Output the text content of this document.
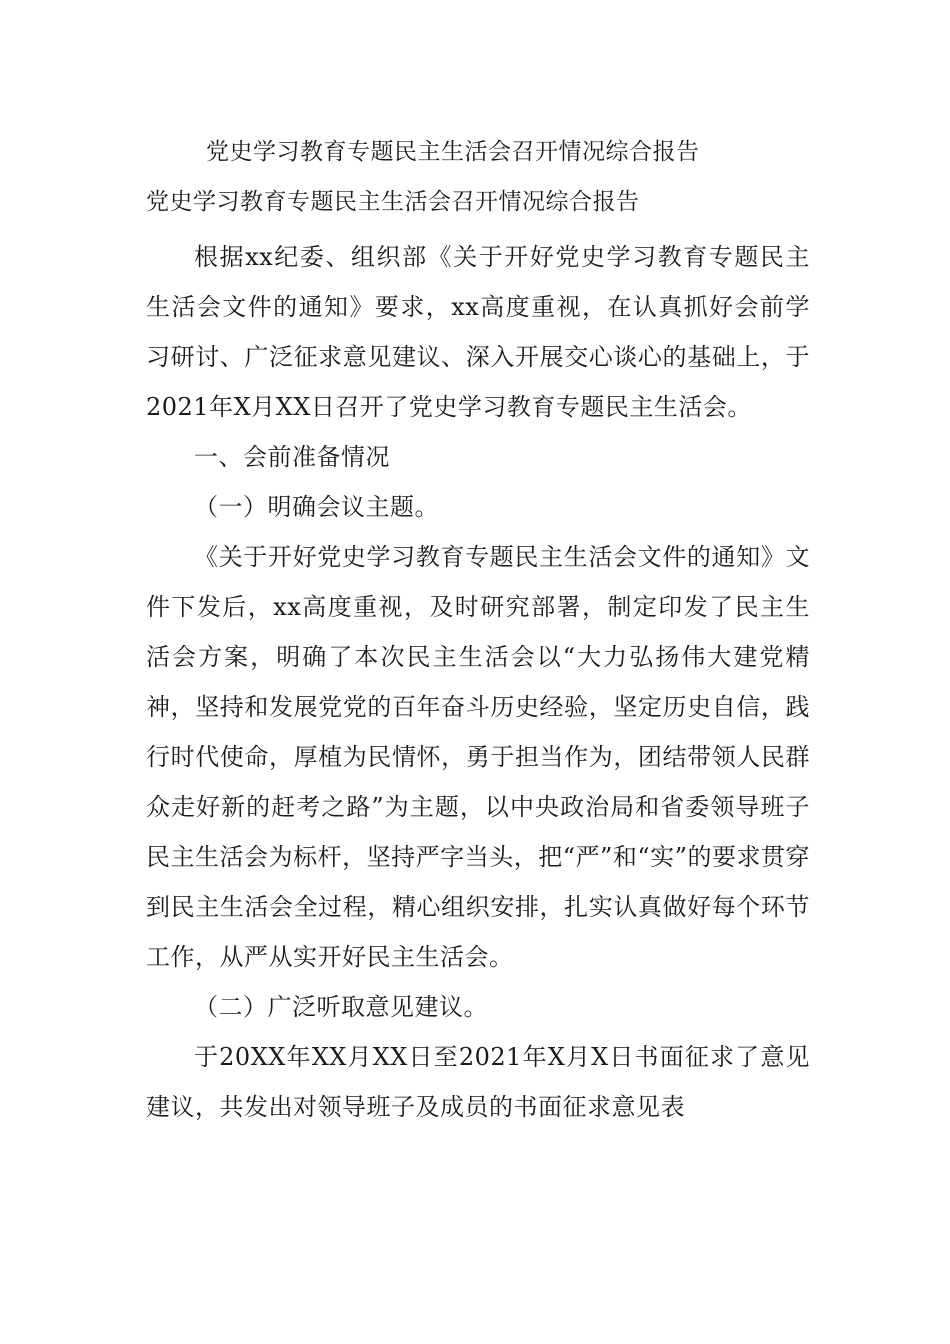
党史学习教育专题民主生活会召开情况综合报告
党史学习教育专题民主生活会召开情况综合报告

根据xx纪委、组织部《关于开好党史学习教育专题民主生活会文件的通知》要求，xx高度重视，在认真抓好会前学习研讨、广泛征求意见建议、深入开展交心谈心的基础上，于2021年X月XX日召开了党史学习教育专题民主生活会。

一、会前准备情况

（一）明确会议主题。

《关于开好党史学习教育专题民主生活会文件的通知》文件下发后，xx高度重视，及时研究部署，制定印发了民主生活会方案，明确了本次民主生活会以“大力弘扬伟大建党精神，坚持和发展党党的百年奋斗历史经验，坚定历史自信，践行时代使命，厚植为民情怀，勇于担当作为，团结带领人民群众走好新的赶考之路”为主题，以中央政治局和省委领导班子民主生活会为标杆，坚持严字当头，把“严”和“实”的要求贯穿到民主生活会全过程，精心组织安排，扎实认真做好每个环节工作，从严从实开好民主生活会。

（二）广泛听取意见建议。

于20XX年XX月XX日至2021年X月X日书面征求了意见建议，共发出对领导班子及成员的书面征求意见表
